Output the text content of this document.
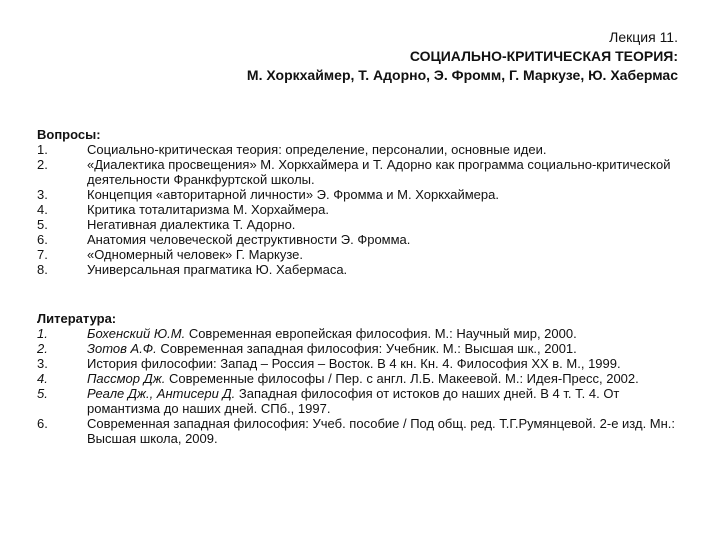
Лекция 11.
СОЦИАЛЬНО-КРИТИЧЕСКАЯ ТЕОРИЯ:
М. Хоркхаймер, Т. Адорно, Э. Фромм, Г. Маркузе, Ю. Хабермас
Вопросы:
1.	Социально-критическая теория: определение, персоналии, основные идеи.
2.	«Диалектика просвещения» М. Хоркхаймера и Т. Адорно как программа социально-критической деятельности Франкфуртской школы.
3.	Концепция «авторитарной личности» Э. Фромма и М. Хоркхаймера.
4.	Критика тоталитаризма М. Хорхаймера.
5.	Негативная диалектика Т. Адорно.
6.	Анатомия человеческой деструктивности Э. Фромма.
7.	«Одномерный человек» Г. Маркузе.
8.	Универсальная прагматика Ю. Хабермаса.
Литература:
1.	Бохенский Ю.М. Современная европейская философия. М.: Научный мир, 2000.
2.	Зотов А.Ф. Современная западная философия: Учебник. М.: Высшая шк., 2001.
3.	История философии: Запад – Россия – Восток. В 4 кн. Кн. 4. Философия XX в. М., 1999.
4.	Пассмор Дж. Современные философы / Пер. с англ. Л.Б. Макеевой. М.: Идея-Пресс, 2002.
5.	Реале Дж., Антисери Д. Западная философия от истоков до наших дней. В 4 т. Т. 4. От романтизма до наших дней. СПб., 1997.
6.	Современная западная философия: Учеб. пособие / Под общ. ред. Т.Г.Румянцевой. 2-е изд. Мн.: Высшая школа, 2009.
